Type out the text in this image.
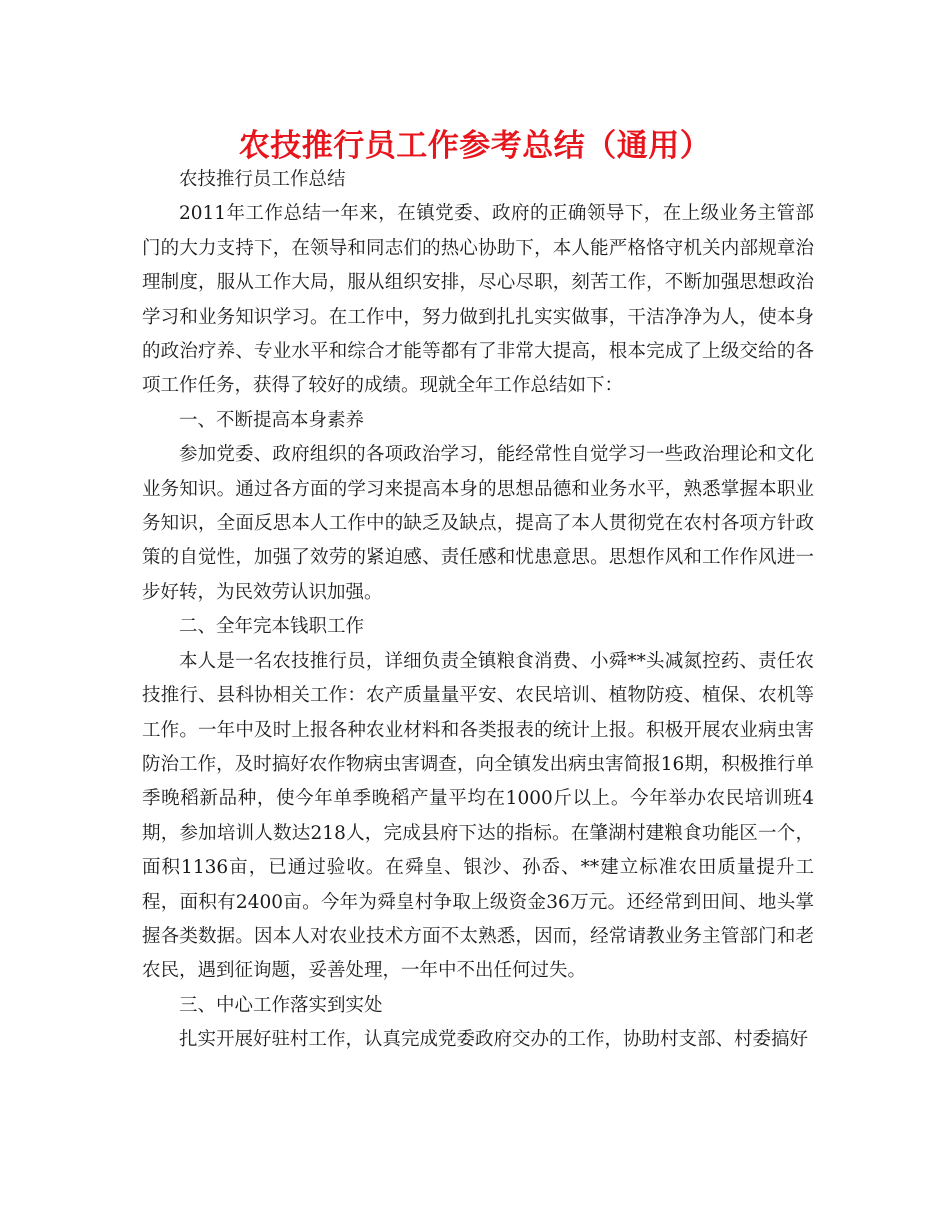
农技推行员工作参考总结（通用）

农技推行员工作总结

2011年工作总结一年来，在镇党委、政府的正确领导下，在上级业务主管部门的大力支持下，在领导和同志们的热心协助下，本人能严格恪守机关内部规章治理制度，服从工作大局，服从组织安排，尽心尽职，刻苦工作，不断加强思想政治学习和业务知识学习。在工作中，努力做到扎扎实实做事，干洁净净为人，使本身的政治疗养、专业水平和综合才能等都有了非常大提高，根本完成了上级交给的各项工作任务，获得了较好的成绩。现就全年工作总结如下：

一、不断提高本身素养

参加党委、政府组织的各项政治学习，能经常性自觉学习一些政治理论和文化业务知识。通过各方面的学习来提高本身的思想品德和业务水平，熟悉掌握本职业务知识，全面反思本人工作中的缺乏及缺点，提高了本人贯彻党在农村各项方针政策的自觉性，加强了效劳的紧迫感、责任感和忧患意思。思想作风和工作作风进一步好转，为民效劳认识加强。

二、全年完本钱职工作

本人是一名农技推行员，详细负责全镇粮食消费、小舜**头减氮控药、责任农技推行、县科协相关工作：农产质量量平安、农民培训、植物防疫、植保、农机等工作。一年中及时上报各种农业材料和各类报表的统计上报。积极开展农业病虫害防治工作，及时搞好农作物病虫害调查，向全镇发出病虫害简报16期，积极推行单季晚稻新品种，使今年单季晚稻产量平均在1000斤以上。今年举办农民培训班4期，参加培训人数达218人，完成县府下达的指标。在肇湖村建粮食功能区一个，面积1136亩，已通过验收。在舜皇、银沙、孙岙、**建立标准农田质量提升工程，面积有2400亩。今年为舜皇村争取上级资金36万元。还经常到田间、地头掌握各类数据。因本人对农业技术方面不太熟悉，因而，经常请教业务主管部门和老农民，遇到征询题，妥善处理，一年中不出任何过失。

三、中心工作落实到实处

扎实开展好驻村工作，认真完成党委政府交办的工作，协助村支部、村委搞好
